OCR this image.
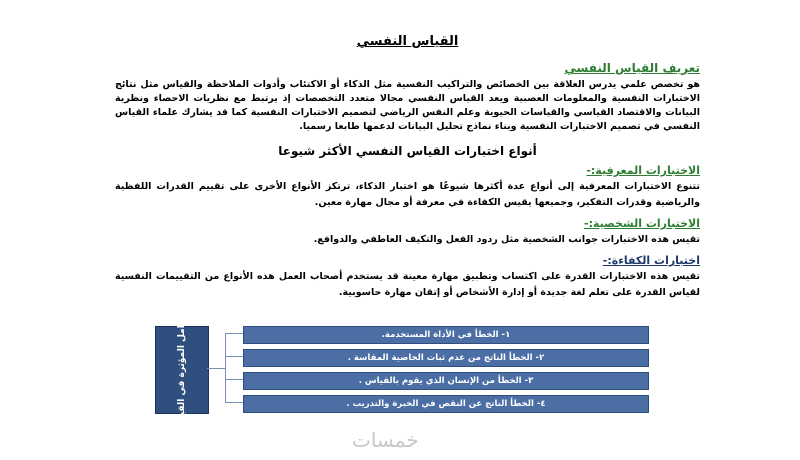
القياس النفسي
تعريف القياس النفسي

هو تخصص علمي يدرس العلاقة بين الخصائص والتراكيب النفسية مثل الذكاء أو الاكتئاب وأدوات الملاحظة والقياس مثل نتائج الاختبارات النفسية والمعلومات العصبية ويعد القياس النفسي مجالا متعدد التخصصات إذ يرتبط مع نظريات الاحصاء ونظرية البيانات والاقتصاد القياسي والقياسات الحيوية وعلم النفس الرياضي لتصميم الاختبارات النفسية كما قد يشارك علماء القياس النفسي في تصميم الاختبارات النفسية وبناء نماذج تحليل البيانات لدعمها طابعا رسميا.

أنواع اختبارات القياس النفسي الأكثر شيوعا
الاختبارات المعرفية:-

تتنوع الاختبارات المعرفية إلى أنواع عدة أكثرها شيوعًا هو اختبار الذكاء، ترتكز الأنواع الأخرى على تقييم القدرات اللفظية والرياضية وقدرات التفكير، وجميعها يقيس الكفاءة في معرفة أو مجال مهارة معين.

الاختبارات الشخصية:-

تقيس هذه الاختبارات جوانب الشخصية مثل ردود الفعل والتكيف العاطفي والدوافع.

اختبارات الكفاءة:-

تقيس هذه الاختبارات القدرة على اكتساب وتطبيق مهارة معينة قد يستخدم أصحاب العمل هذه الأنواع من التقييمات النفسية لقياس القدرة على تعلم لغة جديدة أو إدارة الأشخاص أو إتقان مهارة حاسوبية.

العوامل المؤثرة في القياس	١- الخطأ في الأداة المستخدمة.
٢- الخطأ الناتج من عدم ثبات الخاصية المقاسة .
٣- الخطأ من الإنسان الذي يقوم بالقياس .
٤- الخطأ الناتج عن النقص في الخبرة والتدريب .
خمسات
